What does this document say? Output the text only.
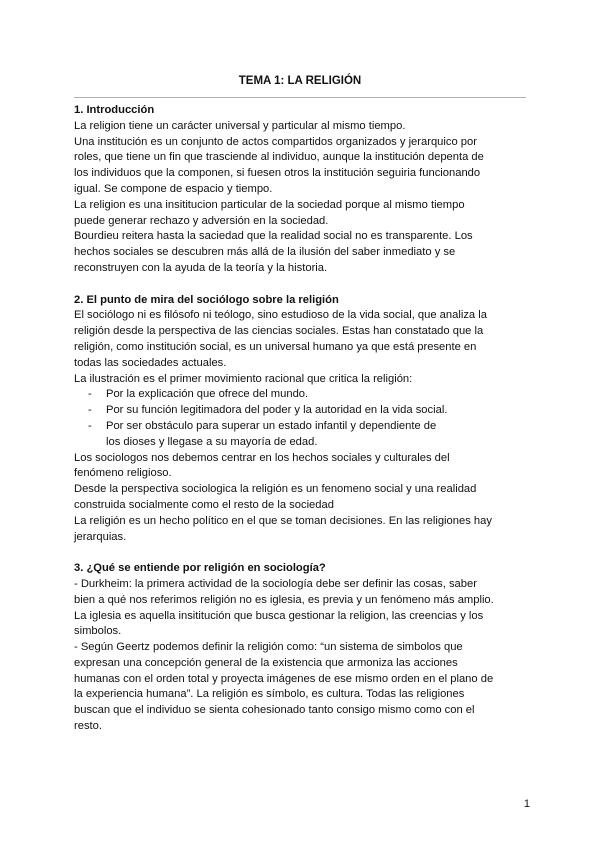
TEMA 1: LA RELIGIÓN

1. Introducción

La religion tiene un carácter universal y particular al mismo tiempo.

Una institución es un conjunto de actos compartidos organizados y jerarquico por

roles, que tiene un fin que trasciende al individuo, aunque la institución depenta de

los individuos que la componen, si fuesen otros la institución seguiria funcionando

igual. Se compone de espacio y tiempo.

La religion es una insititucion particular de la sociedad porque al mismo tiempo

puede generar rechazo y adversión en la sociedad.

Bourdieu reitera hasta la saciedad que la realidad social no es transparente. Los

hechos sociales se descubren más allá de la ilusión del saber inmediato y se

reconstruyen con la ayuda de la teoría y la historia.

2. El punto de mira del sociólogo sobre la religión

El sociólogo ni es filósofo ni teólogo, sino estudioso de la vida social, que analiza la

religión desde la perspectiva de las ciencias sociales. Estas han constatado que la

religión, como institución social, es un universal humano ya que está presente en

todas las sociedades actuales.

La ilustración es el primer movimiento racional que critica la religión:

- Por la explicación que ofrece del mundo.
- Por su función legitimadora del poder y la autoridad en la vida social.
- Por ser obstáculo para superar un estado infantil y dependiente de
los dioses y llegase a su mayoría de edad.

Los sociologos nos debemos centrar en los hechos sociales y culturales del

fenómeno religioso.

Desde la perspectiva sociologica la religión es un fenomeno social y una realidad

construida socialmente como el resto de la sociedad

La religión es un hecho político en el que se toman decisiones. En las religiones hay

jerarquias.

3. ¿Qué se entiende por religión en sociología?

- Durkheim: la primera actividad de la sociología debe ser definir las cosas, saber

bien a qué nos referimos religión no es iglesia, es previa y un fenómeno más amplio.

La iglesia es aquella insititución que busca gestionar la religion, las creencias y los

simbolos.

- Según Geertz podemos definir la religión como: “un sistema de simbolos que

expresan una concepción general de la existencia que armoniza las acciones

humanas con el orden total y proyecta imágenes de ese mismo orden en el plano de

la experiencia humana”. La religión es símbolo, es cultura. Todas las religiones

buscan que el individuo se sienta cohesionado tanto consigo mismo como con el

resto.

1
